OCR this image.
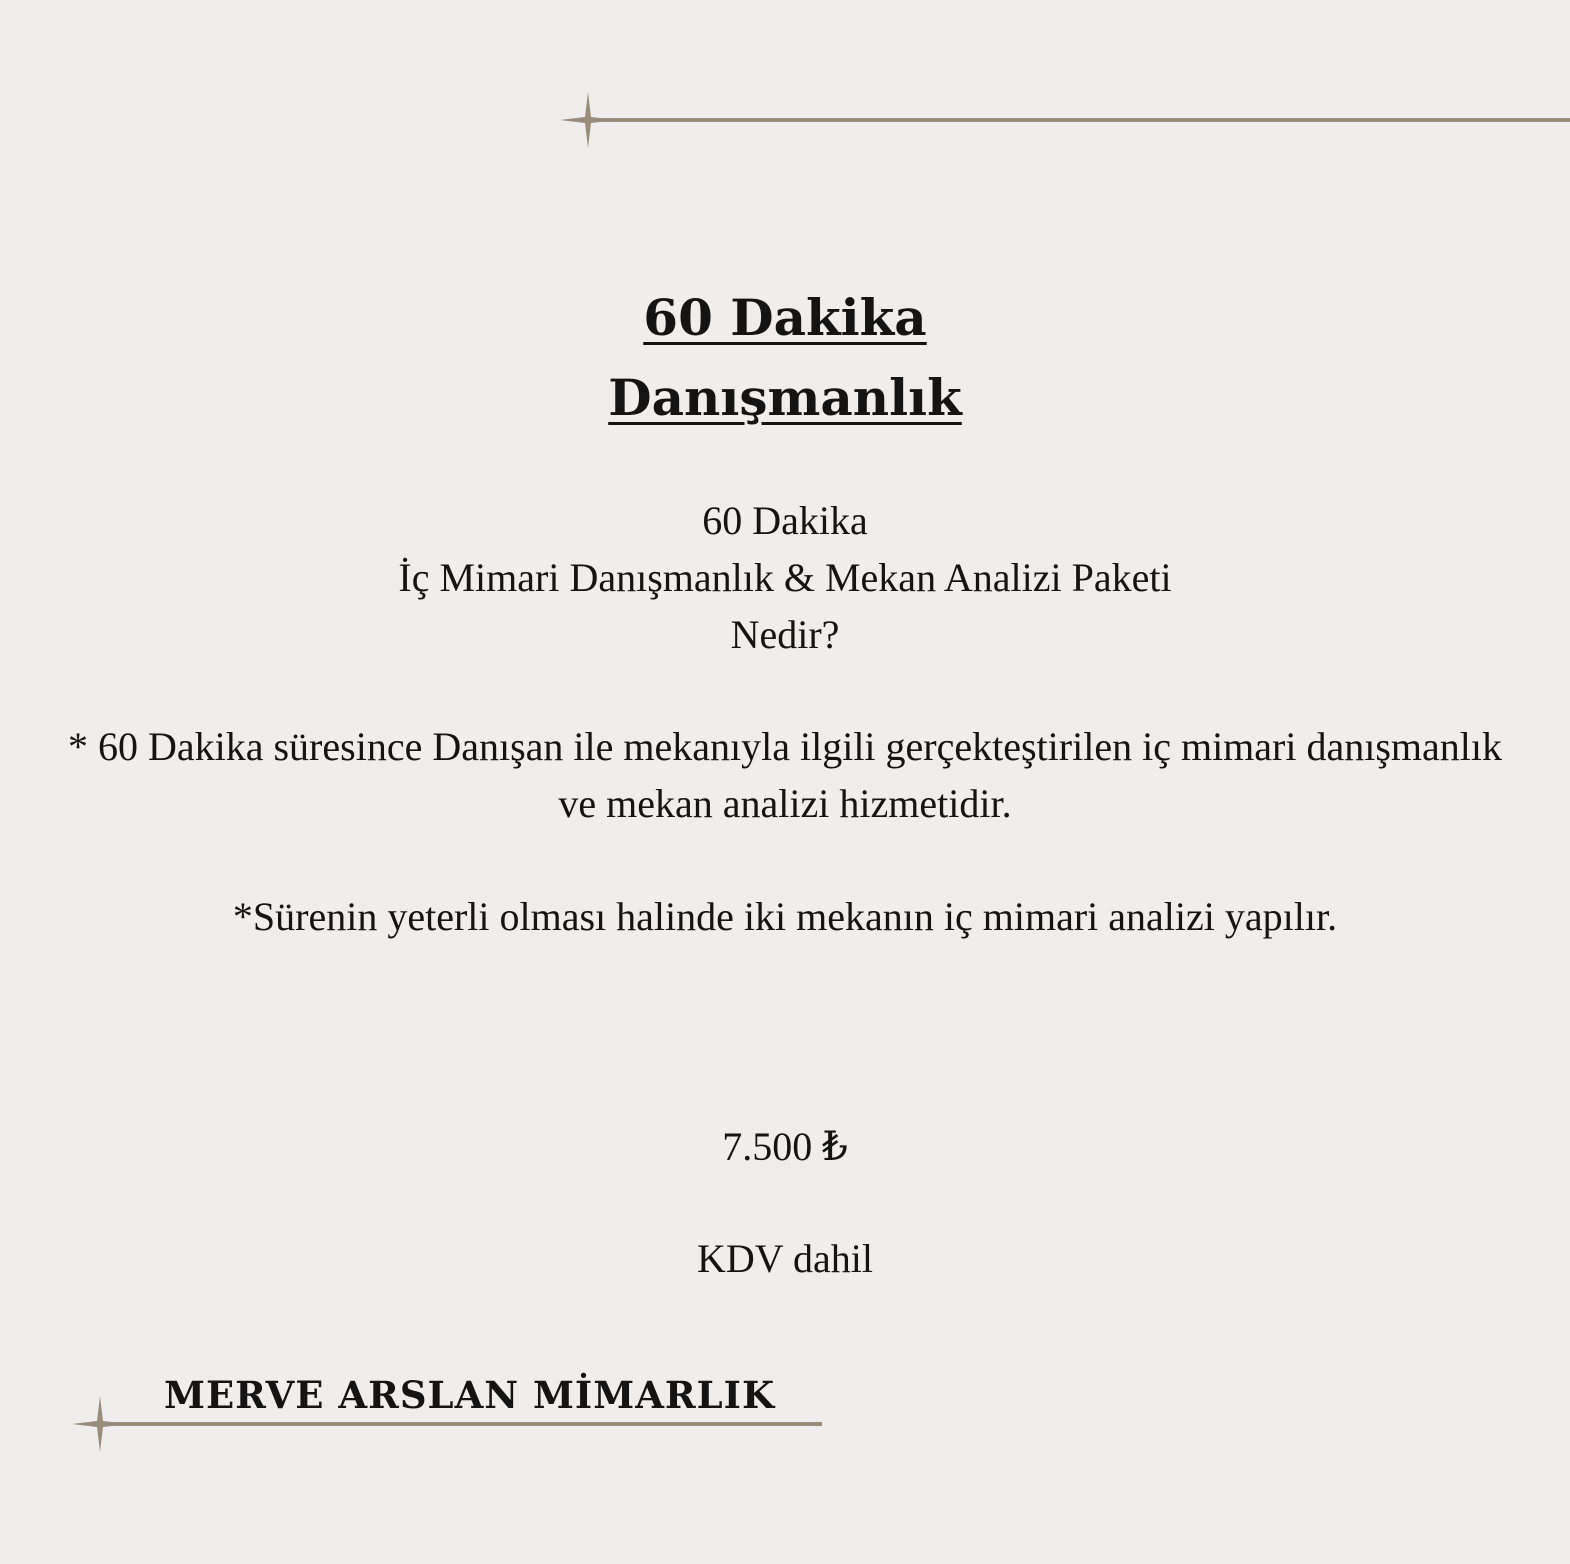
60 Dakika
Danışmanlık

60 Dakika
İç Mimari Danışmanlık & Mekan Analizi Paketi
Nedir?

* 60 Dakika süresince Danışan ile mekanıyla ilgili gerçekteştirilen iç mimari danışmanlık ve mekan analizi hizmetidir.

*Sürenin yeterli olması halinde iki mekanın iç mimari analizi yapılır.

7.500 ₺

KDV dahil

MERVE ARSLAN MİMARLIK
